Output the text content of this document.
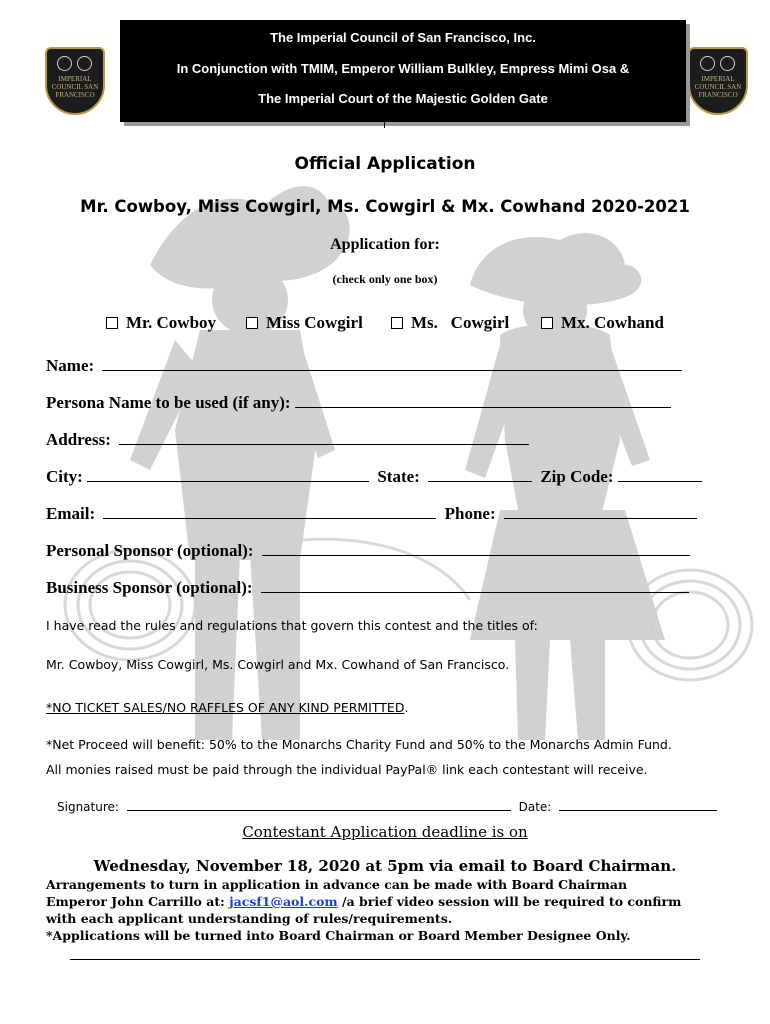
IMPERIAL COUNCIL SAN FRANCISCO
IMPERIAL COUNCIL SAN FRANCISCO
The Imperial Council of San Francisco, Inc.
In Conjunction with TMIM, Emperor William Bulkley, Empress Mimi Osa &
The Imperial Court of the Majestic Golden Gate
Official Application
Mr. Cowboy, Miss Cowgirl, Ms. Cowgirl & Mx. Cowhand 2020-2021
Application for:
(check only one box)
Mr. Cowboy	Miss Cowgirl	Ms.   Cowgirl	Mx. Cowhand
Name:
Persona Name to be used (if any):
Address:
City:	State:	Zip Code:
Email:	Phone:
Personal Sponsor (optional):
Business Sponsor (optional):
I have read the rules and regulations that govern this contest and the titles of:
Mr. Cowboy, Miss Cowgirl, Ms. Cowgirl and Mx. Cowhand of San Francisco.
*NO TICKET SALES/NO RAFFLES OF ANY KIND PERMITTED.
*Net Proceed will benefit: 50% to the Monarchs Charity Fund and 50% to the Monarchs Admin Fund.
All monies raised must be paid through the individual PayPal® link each contestant will receive.
Signature:	Date:
Contestant Application deadline is on
Wednesday, November 18, 2020 at 5pm via email to Board Chairman.
Arrangements to turn in application in advance can be made with Board Chairman
Emperor John Carrillo at: jacsf1@aol.com /a brief video session will be required to confirm
with each applicant understanding of rules/requirements.
*Applications will be turned into Board Chairman or Board Member Designee Only.
